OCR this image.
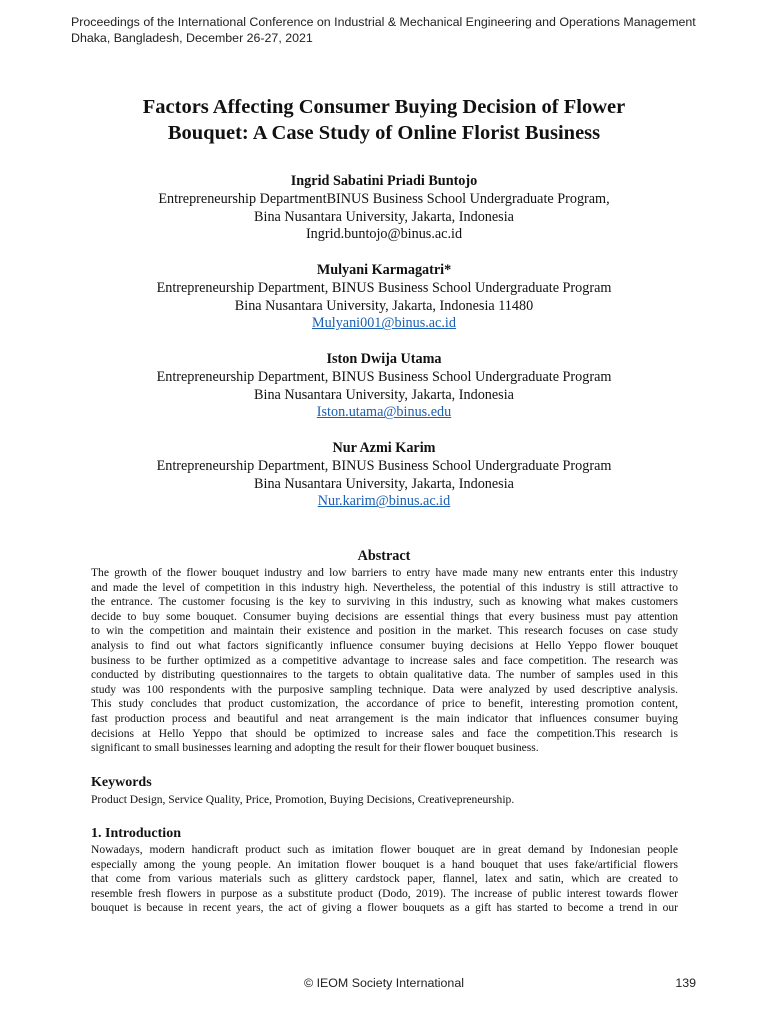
Proceedings of the International Conference on Industrial & Mechanical Engineering and Operations Management
Dhaka, Bangladesh, December 26-27, 2021
Factors Affecting Consumer Buying Decision of Flower
Bouquet: A Case Study of Online Florist Business
Ingrid Sabatini Priadi Buntojo
Entrepreneurship DepartmentBINUS Business School Undergraduate Program,
Bina Nusantara University, Jakarta, Indonesia
Ingrid.buntojo@binus.ac.id
Mulyani Karmagatri*
Entrepreneurship Department, BINUS Business School Undergraduate Program
Bina Nusantara University, Jakarta, Indonesia 11480
Mulyani001@binus.ac.id
Iston Dwija Utama
Entrepreneurship Department, BINUS Business School Undergraduate Program
Bina Nusantara University, Jakarta, Indonesia
Iston.utama@binus.edu
Nur Azmi Karim
Entrepreneurship Department, BINUS Business School Undergraduate Program
Bina Nusantara University, Jakarta, Indonesia
Nur.karim@binus.ac.id
Abstract
The growth of the flower bouquet industry and low barriers to entry have made many new entrants enter this industry
and made the level of competition in this industry high. Nevertheless, the potential of this industry is still attractive to
the entrance. The customer focusing is the key to surviving in this industry, such as knowing what makes customers
decide to buy some bouquet. Consumer buying decisions are essential things that every business must pay attention
to win the competition and maintain their existence and position in the market. This research focuses on case study
analysis to find out what factors significantly influence consumer buying decisions at Hello Yeppo flower bouquet
business to be further optimized as a competitive advantage to increase sales and face competition. The research was
conducted by distributing questionnaires to the targets to obtain qualitative data. The number of samples used in this
study was 100 respondents with the purposive sampling technique. Data were analyzed by used descriptive analysis.
This study concludes that product customization, the accordance of price to benefit, interesting promotion content,
fast production process and beautiful and neat arrangement is the main indicator that influences consumer buying
decisions at Hello Yeppo that should be optimized to increase sales and face the competition.This research is
significant to small businesses learning and adopting the result for their flower bouquet business.
Keywords
Product Design, Service Quality, Price, Promotion, Buying Decisions, Creativepreneurship.
1. Introduction
Nowadays, modern handicraft product such as imitation flower bouquet are in great demand by Indonesian people
especially among the young people. An imitation flower bouquet is a hand bouquet that uses fake/artificial flowers
that come from various materials such as glittery cardstock paper, flannel, latex and satin, which are created to
resemble fresh flowers in purpose as a substitute product (Dodo, 2019). The increase of public interest towards flower
bouquet is because in recent years, the act of giving a flower bouquets as a gift has started to become a trend in our
© IEOM Society International	139
